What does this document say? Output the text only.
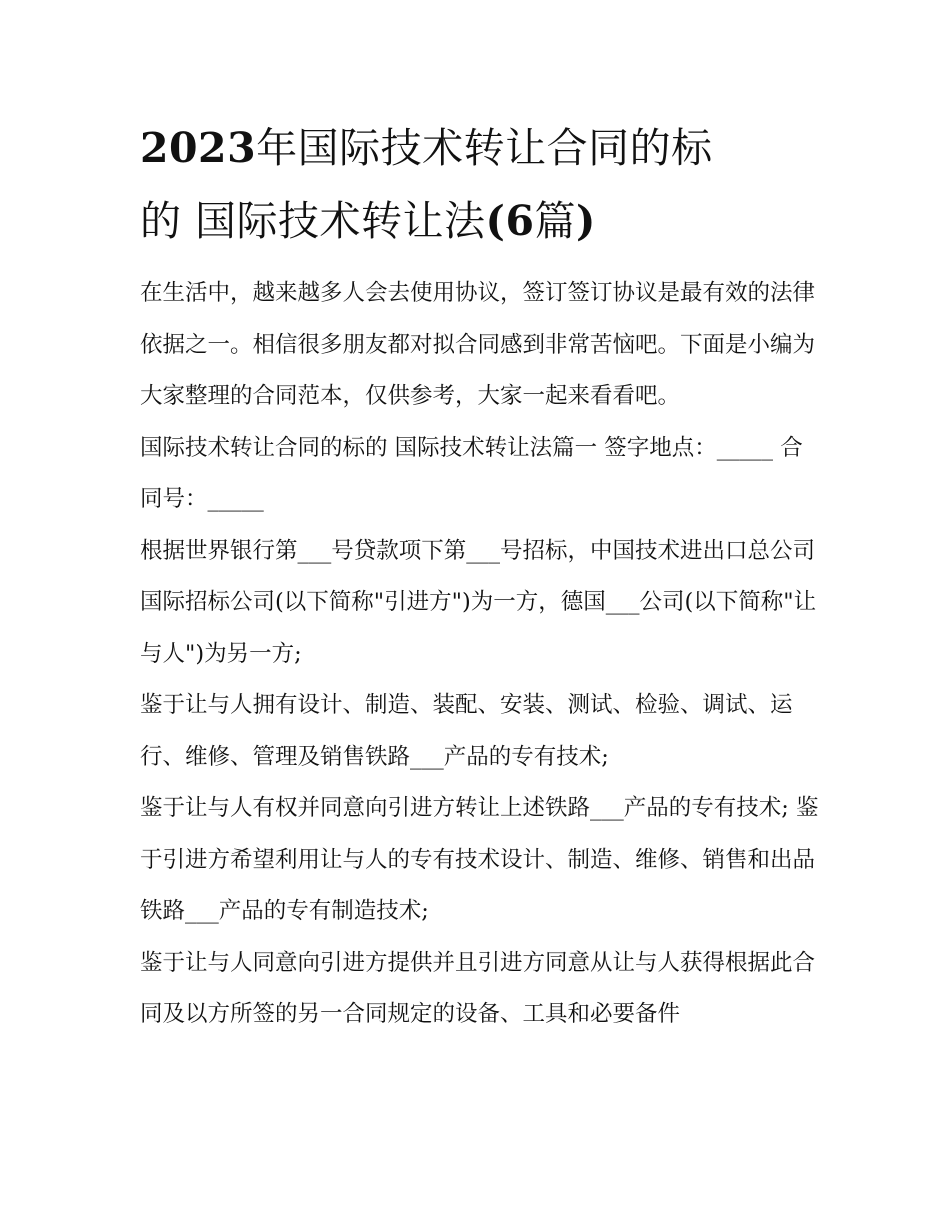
2023年国际技术转让合同的标
的 国际技术转让法(6篇)

在生活中，越来越多人会去使用协议，签订签订协议是最有效的法律依据之一。相信很多朋友都对拟合同感到非常苦恼吧。下面是小编为大家整理的合同范本，仅供参考，大家一起来看看吧。

国际技术转让合同的标的 国际技术转让法篇一 签字地点：_____ 合同号：_____

根据世界银行第___号贷款项下第___号招标，中国技术进出口总公司国际招标公司(以下简称"引进方")为一方，德国___公司(以下简称"让与人")为另一方;

鉴于让与人拥有设计、制造、装配、安装、测试、检验、调试、运行、维修、管理及销售铁路___产品的专有技术;

鉴于让与人有权并同意向引进方转让上述铁路___产品的专有技术; 鉴于引进方希望利用让与人的专有技术设计、制造、维修、销售和出品铁路___产品的专有制造技术;

鉴于让与人同意向引进方提供并且引进方同意从让与人获得根据此合同及以方所签的另一合同规定的设备、工具和必要备件
